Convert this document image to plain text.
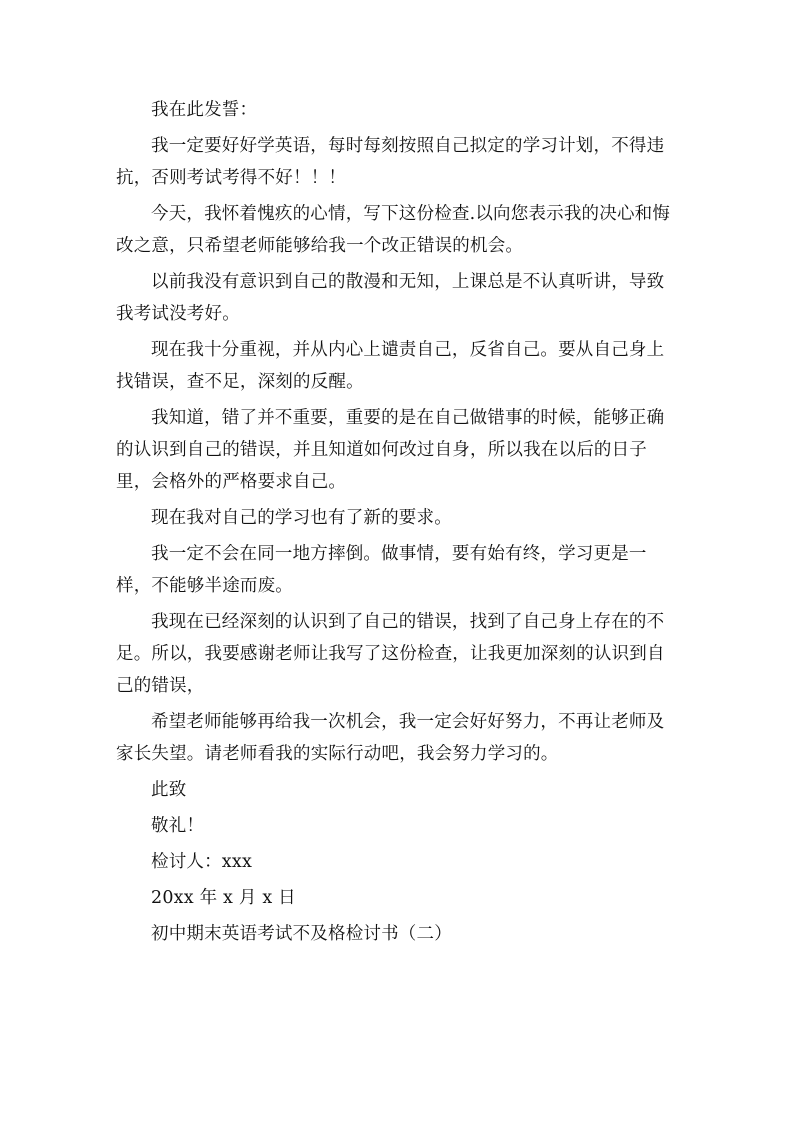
我在此发誓：

我一定要好好学英语，每时每刻按照自己拟定的学习计划，不得违抗，否则考试考得不好！！！

今天，我怀着愧疚的心情，写下这份检查.以向您表示我的决心和悔改之意，只希望老师能够给我一个改正错误的机会。

以前我没有意识到自己的散漫和无知，上课总是不认真听讲，导致我考试没考好。

现在我十分重视，并从内心上谴责自己，反省自己。要从自己身上找错误，查不足，深刻的反醒。

我知道，错了并不重要，重要的是在自己做错事的时候，能够正确的认识到自己的错误，并且知道如何改过自身，所以我在以后的日子里，会格外的严格要求自己。

现在我对自己的学习也有了新的要求。

我一定不会在同一地方摔倒。做事情，要有始有终，学习更是一样，不能够半途而废。

我现在已经深刻的认识到了自己的错误，找到了自己身上存在的不足。所以，我要感谢老师让我写了这份检查，让我更加深刻的认识到自己的错误，

希望老师能够再给我一次机会，我一定会好好努力，不再让老师及家长失望。请老师看我的实际行动吧，我会努力学习的。

此致

敬礼！

检讨人：xxx

20xx 年 x 月 x 日

初中期末英语考试不及格检讨书（二）
